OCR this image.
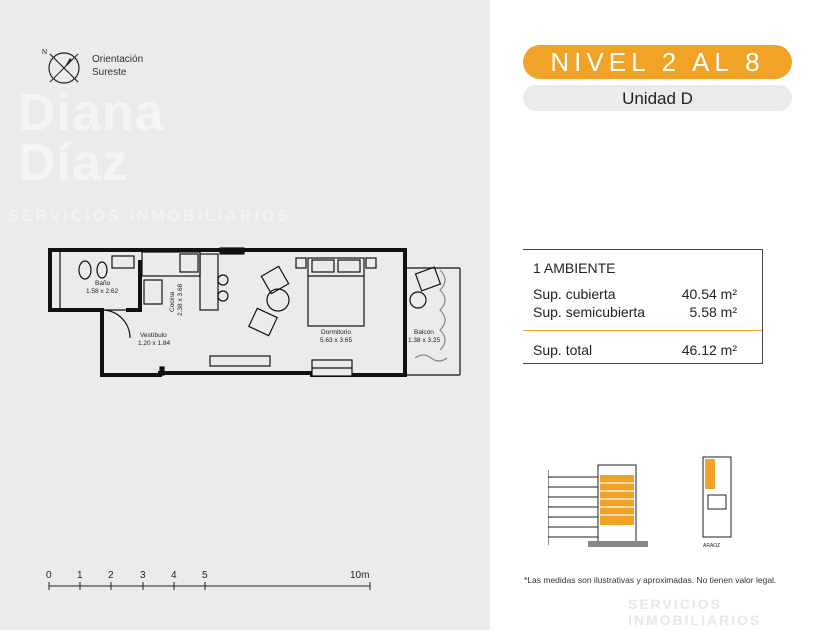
N
Orientación
Sureste
Diana
Díaz
SERVICIOS INMOBILIARIOS
Baño
1.58 x 2.62
Cocina 2.38 x 3.68
Vestíbulo
1.20 x 1.84
Dormitorio
5.63 x 3.65
Balcón
1.38 x 3.25
0	1	2	3	4	5	10m
NIVEL 2 AL 8
Unidad D
1 AMBIENTE
Sup. cubierta	40.54 m²
Sup. semicubierta	5.58 m²
Sup. total	46.12 m²
ARÁOZ
*Las medidas son ilustrativas y aproximadas. No tienen valor legal.
SERVICIOS INMOBILIARIOS
